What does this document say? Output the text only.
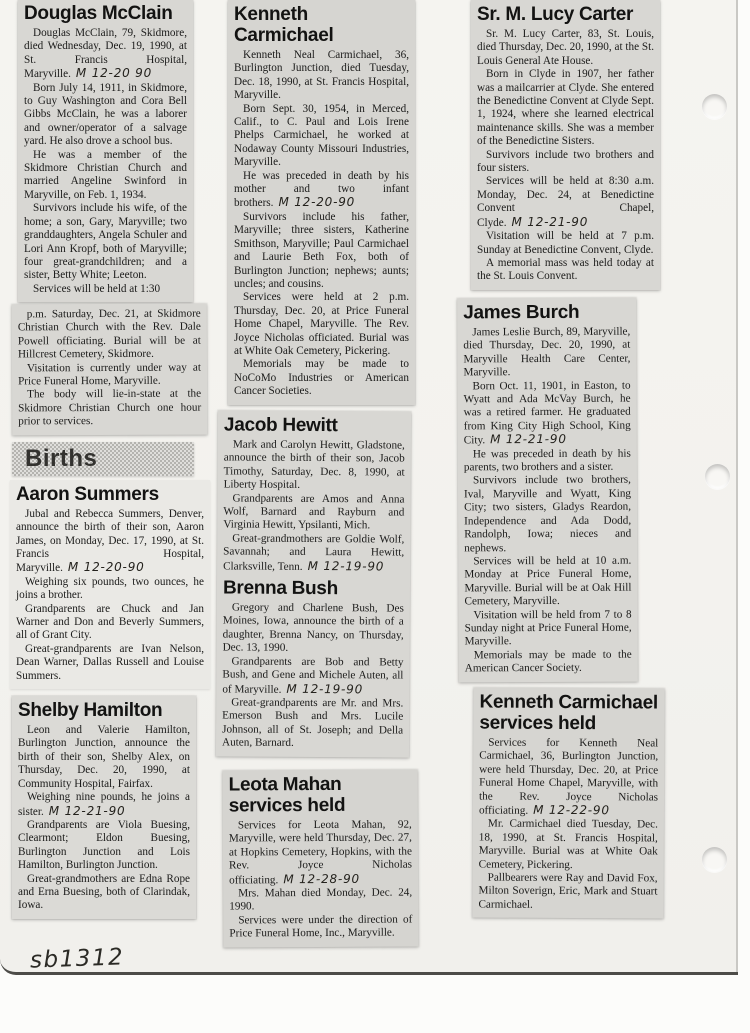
Douglas McClain

Douglas McClain, 79, Skidmore, died Wednesday, Dec. 19, 1990, at St. Francis Hospital, Maryville. M 12-20 90

Born July 14, 1911, in Skidmore, to Guy Washington and Cora Bell Gibbs McClain, he was a laborer and owner/operator of a salvage yard. He also drove a school bus.

He was a member of the Skidmore Christian Church and married Angeline Swinford in Maryville, on Feb. 1, 1934.

Survivors include his wife, of the home; a son, Gary, Maryville; two granddaughters, Angela Schuler and Lori Ann Kropf, both of Maryville; four great-grandchildren; and a sister, Betty White; Leeton.

Services will be held at 1:30

p.m. Saturday, Dec. 21, at Skidmore Christian Church with the Rev. Dale Powell officiating. Burial will be at Hillcrest Cemetery, Skidmore.

Visitation is currently under way at Price Funeral Home, Maryville.

The body will lie-in-state at the Skidmore Christian Church one hour prior to services.

Births
Aaron Summers

Jubal and Rebecca Summers, Denver, announce the birth of their son, Aaron James, on Monday, Dec. 17, 1990, at St. Francis Hospital, Maryville. M 12-20-90

Weighing six pounds, two ounces, he joins a brother.

Grandparents are Chuck and Jan Warner and Don and Beverly Summers, all of Grant City.

Great-grandparents are Ivan Nelson, Dean Warner, Dallas Russell and Louise Summers.

Shelby Hamilton

Leon and Valerie Hamilton, Burlington Junction, announce the birth of their son, Shelby Alex, on Thursday, Dec. 20, 1990, at Community Hospital, Fairfax.

Weighing nine pounds, he joins a sister. M 12-21-90

Grandparents are Viola Buesing, Clearmont; Eldon Buesing, Burlington Junction and Lois Hamilton, Burlington Junction.

Great-grandmothers are Edna Rope and Erna Buesing, both of Clarindak, Iowa.

Kenneth Carmichael

Kenneth Neal Carmichael, 36, Burlington Junction, died Tuesday, Dec. 18, 1990, at St. Francis Hospital, Maryville.

Born Sept. 30, 1954, in Merced, Calif., to C. Paul and Lois Irene Phelps Carmichael, he worked at Nodaway County Missouri Industries, Maryville.

He was preceded in death by his mother and two infant brothers. M 12-20-90

Survivors include his father, Maryville; three sisters, Katherine Smithson, Maryville; Paul Carmichael and Laurie Beth Fox, both of Burlington Junction; nephews; aunts; uncles; and cousins.

Services were held at 2 p.m. Thursday, Dec. 20, at Price Funeral Home Chapel, Maryville. The Rev. Joyce Nicholas officiated. Burial was at White Oak Cemetery, Pickering.

Memorials may be made to NoCoMo Industries or American Cancer Societies.

Jacob Hewitt

Mark and Carolyn Hewitt, Gladstone, announce the birth of their son, Jacob Timothy, Saturday, Dec. 8, 1990, at Liberty Hospital.

Grandparents are Amos and Anna Wolf, Barnard and Rayburn and Virginia Hewitt, Ypsilanti, Mich.

Great-grandmothers are Goldie Wolf, Savannah; and Laura Hewitt, Clarksville, Tenn. M 12-19-90

Brenna Bush

Gregory and Charlene Bush, Des Moines, Iowa, announce the birth of a daughter, Brenna Nancy, on Thursday, Dec. 13, 1990.

Grandparents are Bob and Betty Bush, and Gene and Michele Auten, all of Maryville. M 12-19-90

Great-grandparents are Mr. and Mrs. Emerson Bush and Mrs. Lucile Johnson, all of St. Joseph; and Della Auten, Barnard.

Leota Mahan services held

Services for Leota Mahan, 92, Maryville, were held Thursday, Dec. 27, at Hopkins Cemetery, Hopkins, with the Rev. Joyce Nicholas officiating. M 12-28-90

Mrs. Mahan died Monday, Dec. 24, 1990.

Services were under the direction of Price Funeral Home, Inc., Maryville.

Sr. M. Lucy Carter

Sr. M. Lucy Carter, 83, St. Louis, died Thursday, Dec. 20, 1990, at the St. Louis General Ate House.

Born in Clyde in 1907, her father was a mailcarrier at Clyde. She entered the Benedictine Convent at Clyde Sept. 1, 1924, where she learned electrical maintenance skills. She was a member of the Benedictine Sisters.

Survivors include two brothers and four sisters.

Services will be held at 8:30 a.m. Monday, Dec. 24, at Benedictine Convent Chapel, Clyde. M 12-21-90

Visitation will be held at 7 p.m. Sunday at Benedictine Convent, Clyde.

A memorial mass was held today at the St. Louis Convent.

James Burch

James Leslie Burch, 89, Maryville, died Thursday, Dec. 20, 1990, at Maryville Health Care Center, Maryville.

Born Oct. 11, 1901, in Easton, to Wyatt and Ada McVay Burch, he was a retired farmer. He graduated from King City High School, King City. M 12-21-90

He was preceded in death by his parents, two brothers and a sister.

Survivors include two brothers, Ival, Maryville and Wyatt, King City; two sisters, Gladys Reardon, Independence and Ada Dodd, Randolph, Iowa; nieces and nephews.

Services will be held at 10 a.m. Monday at Price Funeral Home, Maryville. Burial will be at Oak Hill Cemetery, Maryville.

Visitation will be held from 7 to 8 Sunday night at Price Funeral Home, Maryville.

Memorials may be made to the American Cancer Society.

Kenneth Carmichael services held

Services for Kenneth Neal Carmichael, 36, Burlington Junction, were held Thursday, Dec. 20, at Price Funeral Home Chapel, Maryville, with the Rev. Joyce Nicholas officiating. M 12-22-90

Mr. Carmichael died Tuesday, Dec. 18, 1990, at St. Francis Hospital, Maryville. Burial was at White Oak Cemetery, Pickering.

Pallbearers were Ray and David Fox, Milton Soverign, Eric, Mark and Stuart Carmichael.

sb1312
